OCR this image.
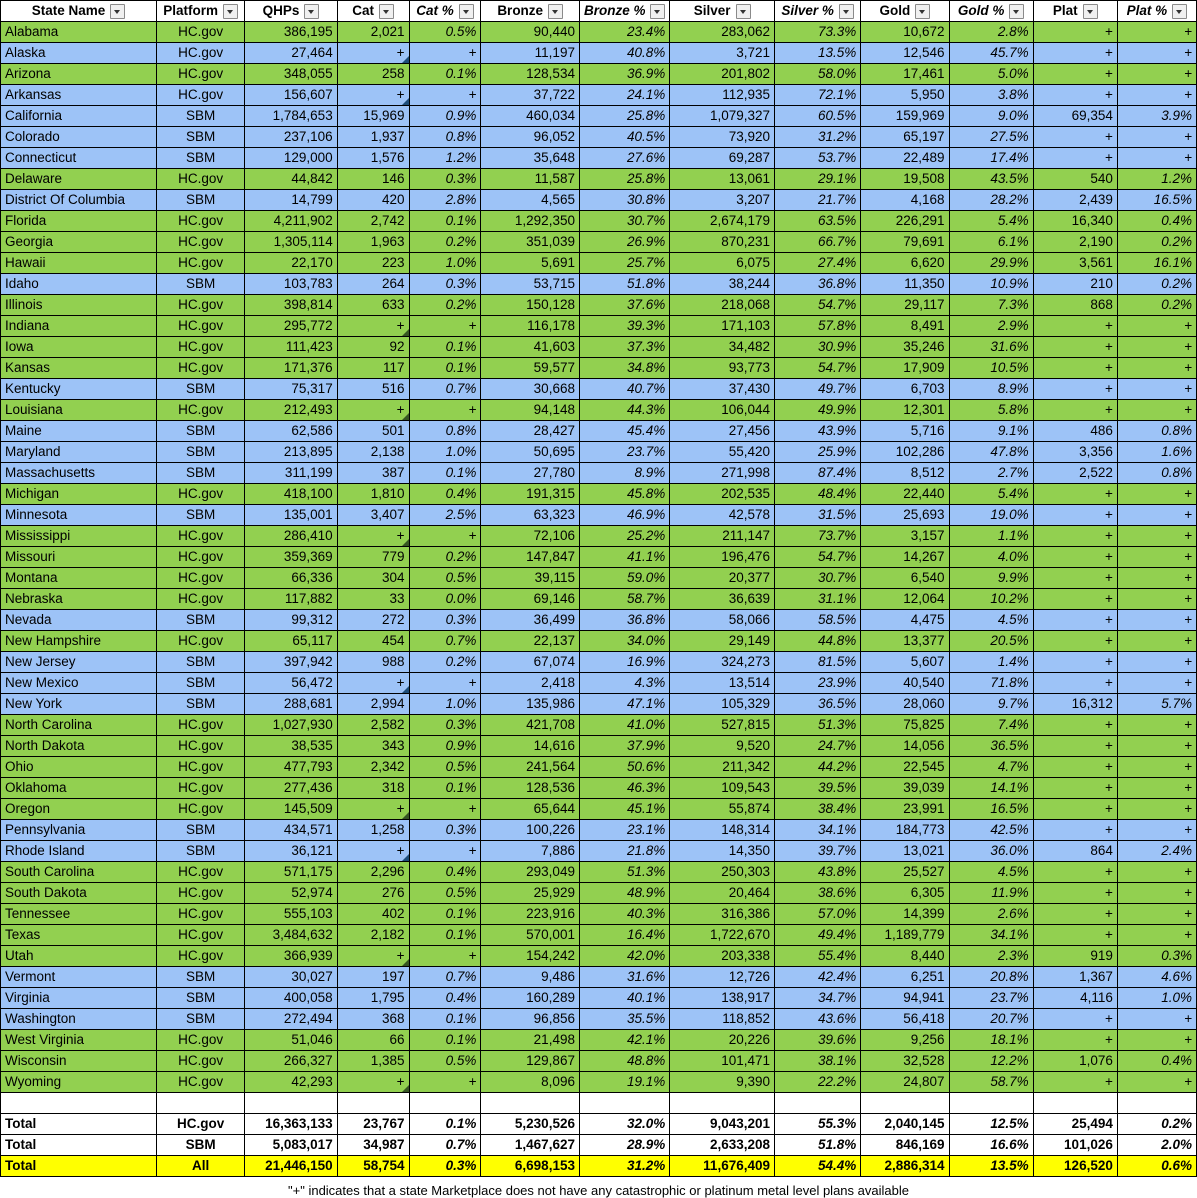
State Name	Platform	QHPs	Cat	Cat %	Bronze	Bronze %	Silver	Silver %	Gold	Gold %	Plat	Plat %

Alabama	HC.gov	386,195	2,021	0.5%	90,440	23.4%	283,062	73.3%	10,672	2.8%	+	+
Alaska	HC.gov	27,464	+	+	11,197	40.8%	3,721	13.5%	12,546	45.7%	+	+
Arizona	HC.gov	348,055	258	0.1%	128,534	36.9%	201,802	58.0%	17,461	5.0%	+	+
Arkansas	HC.gov	156,607	+	+	37,722	24.1%	112,935	72.1%	5,950	3.8%	+	+
California	SBM	1,784,653	15,969	0.9%	460,034	25.8%	1,079,327	60.5%	159,969	9.0%	69,354	3.9%
Colorado	SBM	237,106	1,937	0.8%	96,052	40.5%	73,920	31.2%	65,197	27.5%	+	+
Connecticut	SBM	129,000	1,576	1.2%	35,648	27.6%	69,287	53.7%	22,489	17.4%	+	+
Delaware	HC.gov	44,842	146	0.3%	11,587	25.8%	13,061	29.1%	19,508	43.5%	540	1.2%
District Of Columbia	SBM	14,799	420	2.8%	4,565	30.8%	3,207	21.7%	4,168	28.2%	2,439	16.5%
Florida	HC.gov	4,211,902	2,742	0.1%	1,292,350	30.7%	2,674,179	63.5%	226,291	5.4%	16,340	0.4%
Georgia	HC.gov	1,305,114	1,963	0.2%	351,039	26.9%	870,231	66.7%	79,691	6.1%	2,190	0.2%
Hawaii	HC.gov	22,170	223	1.0%	5,691	25.7%	6,075	27.4%	6,620	29.9%	3,561	16.1%
Idaho	SBM	103,783	264	0.3%	53,715	51.8%	38,244	36.8%	11,350	10.9%	210	0.2%
Illinois	HC.gov	398,814	633	0.2%	150,128	37.6%	218,068	54.7%	29,117	7.3%	868	0.2%
Indiana	HC.gov	295,772	+	+	116,178	39.3%	171,103	57.8%	8,491	2.9%	+	+
Iowa	HC.gov	111,423	92	0.1%	41,603	37.3%	34,482	30.9%	35,246	31.6%	+	+
Kansas	HC.gov	171,376	117	0.1%	59,577	34.8%	93,773	54.7%	17,909	10.5%	+	+
Kentucky	SBM	75,317	516	0.7%	30,668	40.7%	37,430	49.7%	6,703	8.9%	+	+
Louisiana	HC.gov	212,493	+	+	94,148	44.3%	106,044	49.9%	12,301	5.8%	+	+
Maine	SBM	62,586	501	0.8%	28,427	45.4%	27,456	43.9%	5,716	9.1%	486	0.8%
Maryland	SBM	213,895	2,138	1.0%	50,695	23.7%	55,420	25.9%	102,286	47.8%	3,356	1.6%
Massachusetts	SBM	311,199	387	0.1%	27,780	8.9%	271,998	87.4%	8,512	2.7%	2,522	0.8%
Michigan	HC.gov	418,100	1,810	0.4%	191,315	45.8%	202,535	48.4%	22,440	5.4%	+	+
Minnesota	SBM	135,001	3,407	2.5%	63,323	46.9%	42,578	31.5%	25,693	19.0%	+	+
Mississippi	HC.gov	286,410	+	+	72,106	25.2%	211,147	73.7%	3,157	1.1%	+	+
Missouri	HC.gov	359,369	779	0.2%	147,847	41.1%	196,476	54.7%	14,267	4.0%	+	+
Montana	HC.gov	66,336	304	0.5%	39,115	59.0%	20,377	30.7%	6,540	9.9%	+	+
Nebraska	HC.gov	117,882	33	0.0%	69,146	58.7%	36,639	31.1%	12,064	10.2%	+	+
Nevada	SBM	99,312	272	0.3%	36,499	36.8%	58,066	58.5%	4,475	4.5%	+	+
New Hampshire	HC.gov	65,117	454	0.7%	22,137	34.0%	29,149	44.8%	13,377	20.5%	+	+
New Jersey	SBM	397,942	988	0.2%	67,074	16.9%	324,273	81.5%	5,607	1.4%	+	+
New Mexico	SBM	56,472	+	+	2,418	4.3%	13,514	23.9%	40,540	71.8%	+	+
New York	SBM	288,681	2,994	1.0%	135,986	47.1%	105,329	36.5%	28,060	9.7%	16,312	5.7%
North Carolina	HC.gov	1,027,930	2,582	0.3%	421,708	41.0%	527,815	51.3%	75,825	7.4%	+	+
North Dakota	HC.gov	38,535	343	0.9%	14,616	37.9%	9,520	24.7%	14,056	36.5%	+	+
Ohio	HC.gov	477,793	2,342	0.5%	241,564	50.6%	211,342	44.2%	22,545	4.7%	+	+
Oklahoma	HC.gov	277,436	318	0.1%	128,536	46.3%	109,543	39.5%	39,039	14.1%	+	+
Oregon	HC.gov	145,509	+	+	65,644	45.1%	55,874	38.4%	23,991	16.5%	+	+
Pennsylvania	SBM	434,571	1,258	0.3%	100,226	23.1%	148,314	34.1%	184,773	42.5%	+	+
Rhode Island	SBM	36,121	+	+	7,886	21.8%	14,350	39.7%	13,021	36.0%	864	2.4%
South Carolina	HC.gov	571,175	2,296	0.4%	293,049	51.3%	250,303	43.8%	25,527	4.5%	+	+
South Dakota	HC.gov	52,974	276	0.5%	25,929	48.9%	20,464	38.6%	6,305	11.9%	+	+
Tennessee	HC.gov	555,103	402	0.1%	223,916	40.3%	316,386	57.0%	14,399	2.6%	+	+
Texas	HC.gov	3,484,632	2,182	0.1%	570,001	16.4%	1,722,670	49.4%	1,189,779	34.1%	+	+
Utah	HC.gov	366,939	+	+	154,242	42.0%	203,338	55.4%	8,440	2.3%	919	0.3%
Vermont	SBM	30,027	197	0.7%	9,486	31.6%	12,726	42.4%	6,251	20.8%	1,367	4.6%
Virginia	SBM	400,058	1,795	0.4%	160,289	40.1%	138,917	34.7%	94,941	23.7%	4,116	1.0%
Washington	SBM	272,494	368	0.1%	96,856	35.5%	118,852	43.6%	56,418	20.7%	+	+
West Virginia	HC.gov	51,046	66	0.1%	21,498	42.1%	20,226	39.6%	9,256	18.1%	+	+
Wisconsin	HC.gov	266,327	1,385	0.5%	129,867	48.8%	101,471	38.1%	32,528	12.2%	1,076	0.4%
Wyoming	HC.gov	42,293	+	+	8,096	19.1%	9,390	22.2%	24,807	58.7%	+	+

Total	HC.gov	16,363,133	23,767	0.1%	5,230,526	32.0%	9,043,201	55.3%	2,040,145	12.5%	25,494	0.2%
Total	SBM	5,083,017	34,987	0.7%	1,467,627	28.9%	2,633,208	51.8%	846,169	16.6%	101,026	2.0%
Total	All	21,446,150	58,754	0.3%	6,698,153	31.2%	11,676,409	54.4%	2,886,314	13.5%	126,520	0.6%
"+" indicates that a state Marketplace does not have any catastrophic or platinum metal level plans available
